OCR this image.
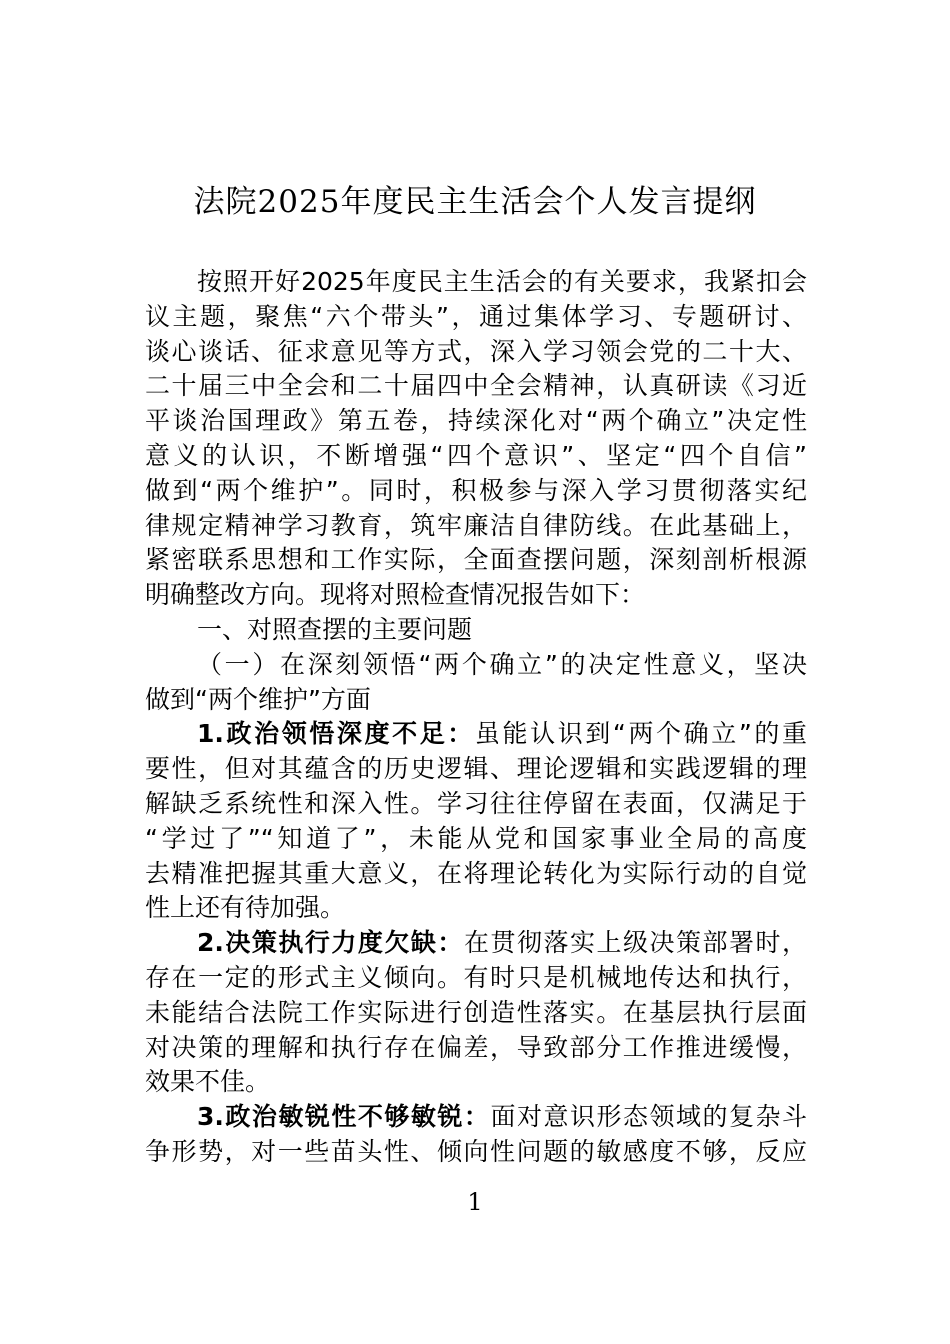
法院2025年度民主生活会个人发言提纲
按照开好2025年度民主生活会的有关要求，我紧扣会
议主题，聚焦“六个带头”，通过集体学习、专题研讨、
谈心谈话、征求意见等方式，深入学习领会党的二十大、
二十届三中全会和二十届四中全会精神，认真研读《习近
平谈治国理政》第五卷，持续深化对“两个确立”决定性
意义的认识，不断增强“四个意识”、坚定“四个自信”
做到“两个维护”。同时，积极参与深入学习贯彻落实纪
律规定精神学习教育，筑牢廉洁自律防线。在此基础上，
紧密联系思想和工作实际，全面查摆问题，深刻剖析根源
明确整改方向。现将对照检查情况报告如下：
一、对照查摆的主要问题
（一）在深刻领悟“两个确立”的决定性意义，坚决
做到“两个维护”方面
1.政治领悟深度不足：虽能认识到“两个确立”的重
要性，但对其蕴含的历史逻辑、理论逻辑和实践逻辑的理
解缺乏系统性和深入性。学习往往停留在表面，仅满足于
“学过了”“知道了”，未能从党和国家事业全局的高度
去精准把握其重大意义，在将理论转化为实际行动的自觉
性上还有待加强。
2.决策执行力度欠缺：在贯彻落实上级决策部署时，
存在一定的形式主义倾向。有时只是机械地传达和执行，
未能结合法院工作实际进行创造性落实。在基层执行层面
对决策的理解和执行存在偏差，导致部分工作推进缓慢，
效果不佳。
3.政治敏锐性不够敏锐：面对意识形态领域的复杂斗
争形势，对一些苗头性、倾向性问题的敏感度不够，反应
1
